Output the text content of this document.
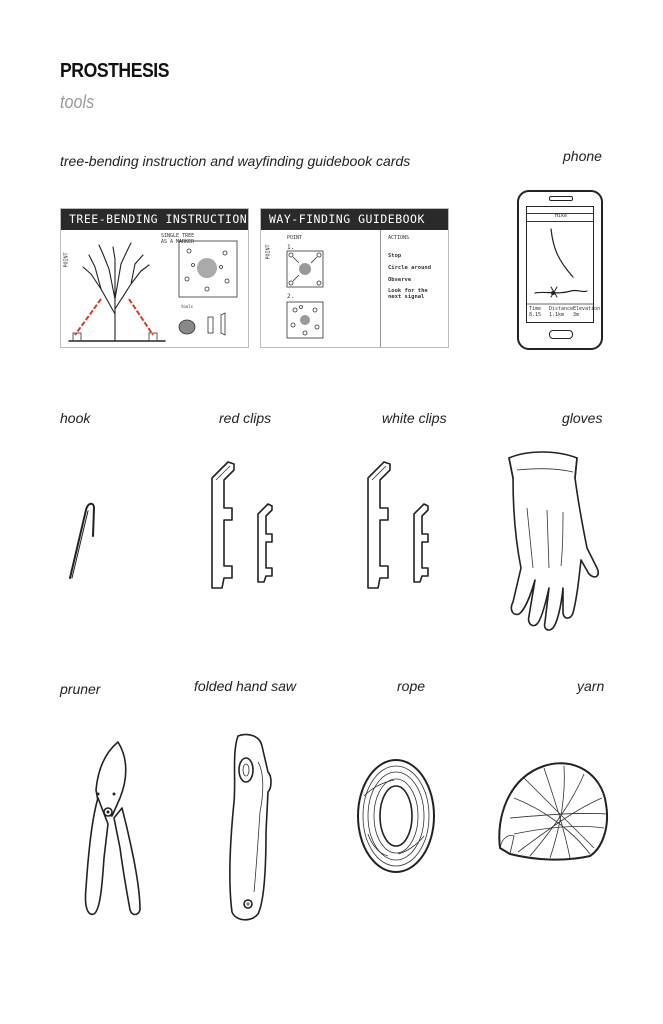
PROSTHESIS
tools
tree-bending instruction and wayfinding guidebook cards	phone
TREE-BENDING INSTRUCTION
SINGLE TREE
AS A MARKER
POINT
tools
WAY-FINDING GUIDEBOOK
POINT
POINT	1.
2.
ACTIONS
Stop
Circle around
Observe
Look for the
next signal
Hike
Time
8.15
Distance
1.1km
Elevation
3m
hook	red clips	white clips	gloves
pruner	folded hand saw	rope	yarn
